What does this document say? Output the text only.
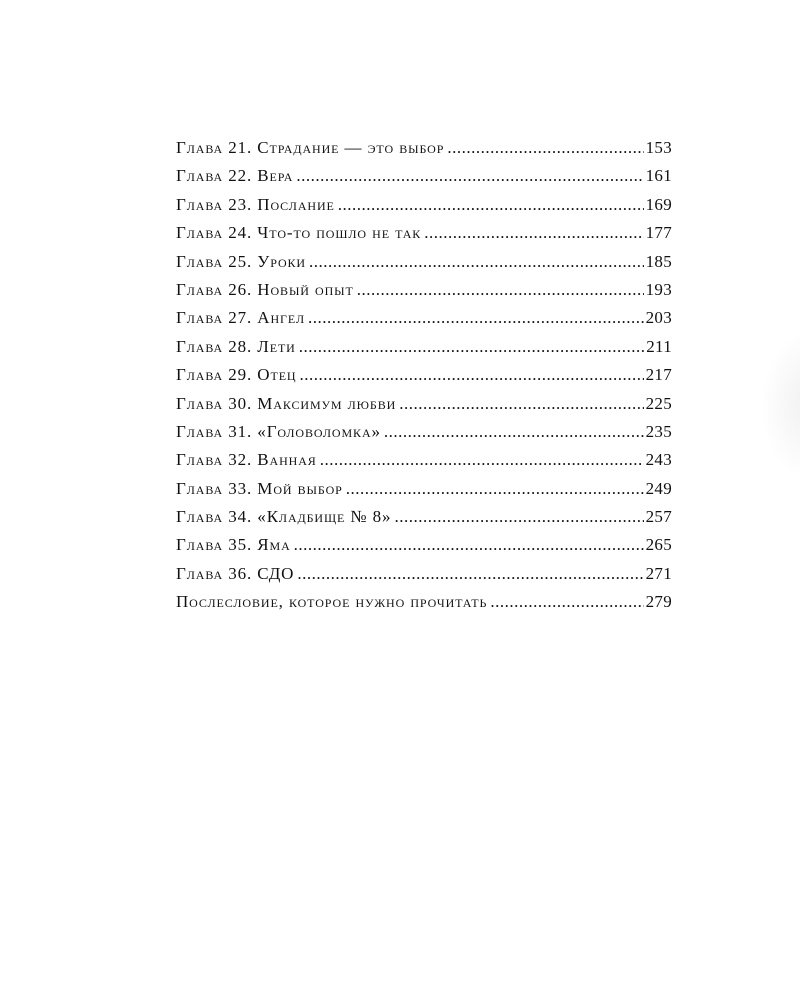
Глава 21. Страдание — это выбор .....	153
Глава 22. Вера .....	161
Глава 23. Послание .....	169
Глава 24. Что-то пошло не так .....	177
Глава 25. Уроки .....	185
Глава 26. Новый опыт .....	193
Глава 27. Ангел .....	203
Глава 28. Лети .....	211
Глава 29. Отец .....	217
Глава 30. Максимум любви .....	225
Глава 31. «Головоломка» .....	235
Глава 32. Ванная .....	243
Глава 33. Мой выбор .....	249
Глава 34. «Кладбище № 8» .....	257
Глава 35. Яма .....	265
Глава 36. СДО .....	271
Послесловие, которое нужно прочитать .....	279
